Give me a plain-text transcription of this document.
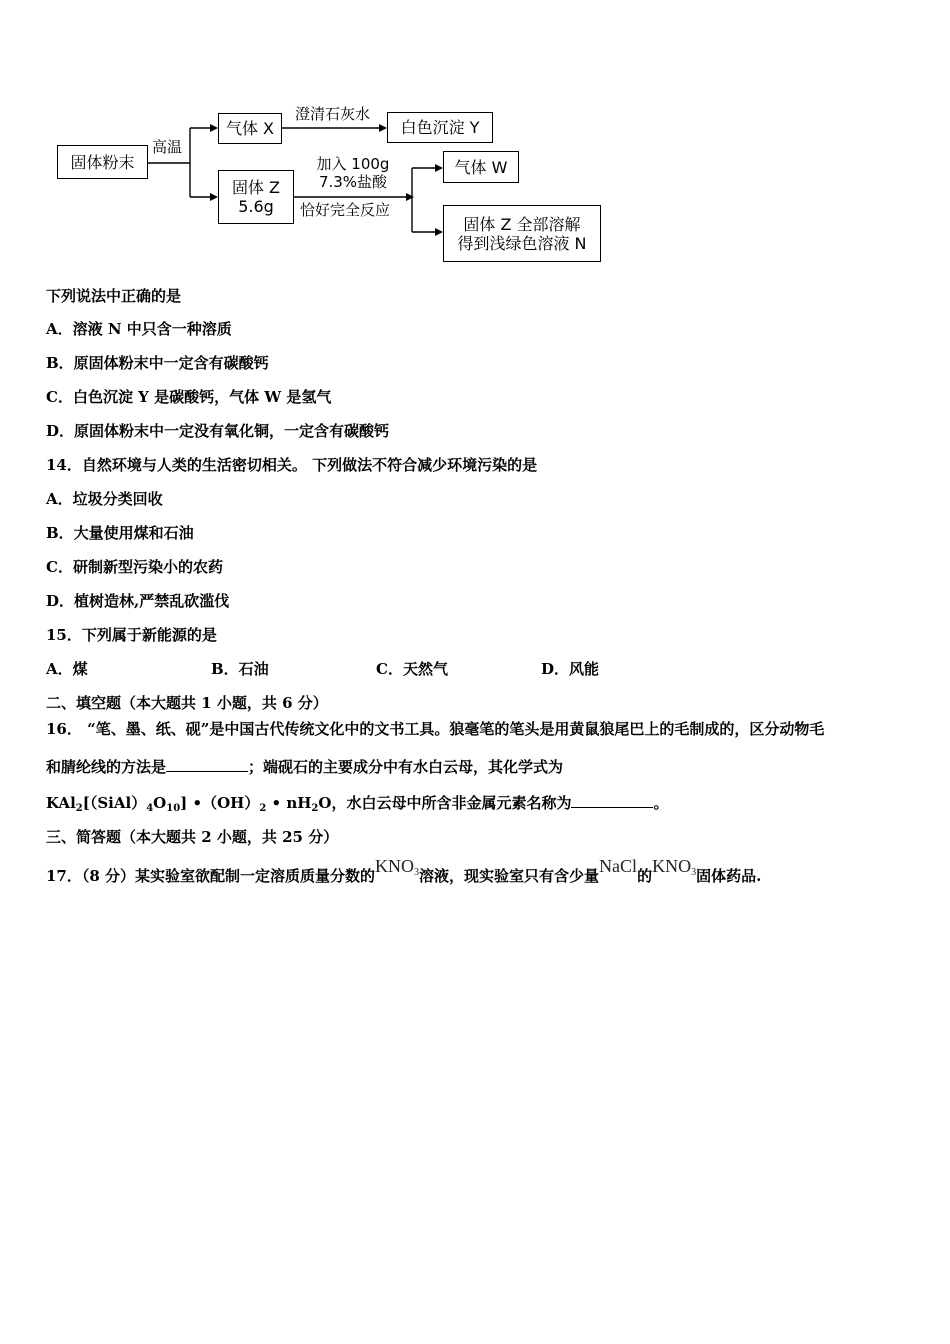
固体粉末
高温
气体 X
澄清石灰水
白色沉淀 Y
固体 Z
5.6g
加入 100g
7.3%盐酸
恰好完全反应
气体 W
固体 Z 全部溶解
得到浅绿色溶液 N
下列说法中正确的是
A．溶液 N 中只含一种溶质
B．原固体粉末中一定含有碳酸钙
C．白色沉淀 Y 是碳酸钙，气体 W 是氢气
D．原固体粉末中一定没有氧化铜，一定含有碳酸钙
14．自然环境与人类的生活密切相关。 下列做法不符合减少环境污染的是
A．垃圾分类回收
B．大量使用煤和石油
C．研制新型污染小的农药
D．植树造林,严禁乱砍滥伐
15．下列属于新能源的是
A．煤	B．石油	C．天然气	D．风能
二、填空题（本大题共 1 小题，共 6 分）
16． “笔、墨、纸、砚”是中国古代传统文化中的文书工具。狼毫笔的笔头是用黄鼠狼尾巴上的毛制成的，区分动物毛
和腈纶线的方法是	；端砚石的主要成分中有水白云母，其化学式为
$KAl_2[(SiAl)_4O_{10}]$ $•(OH)_2$ • $nH_2O$，水白云母中所含非金属元素名称为	。
三、简答题（本大题共 2 小题，共 25 分）
17．（8 分）某实验室欲配制一定溶质质量分数的$KNO_3$溶液，现实验室只有含少量NaCl的$KNO_3$固体药品.
